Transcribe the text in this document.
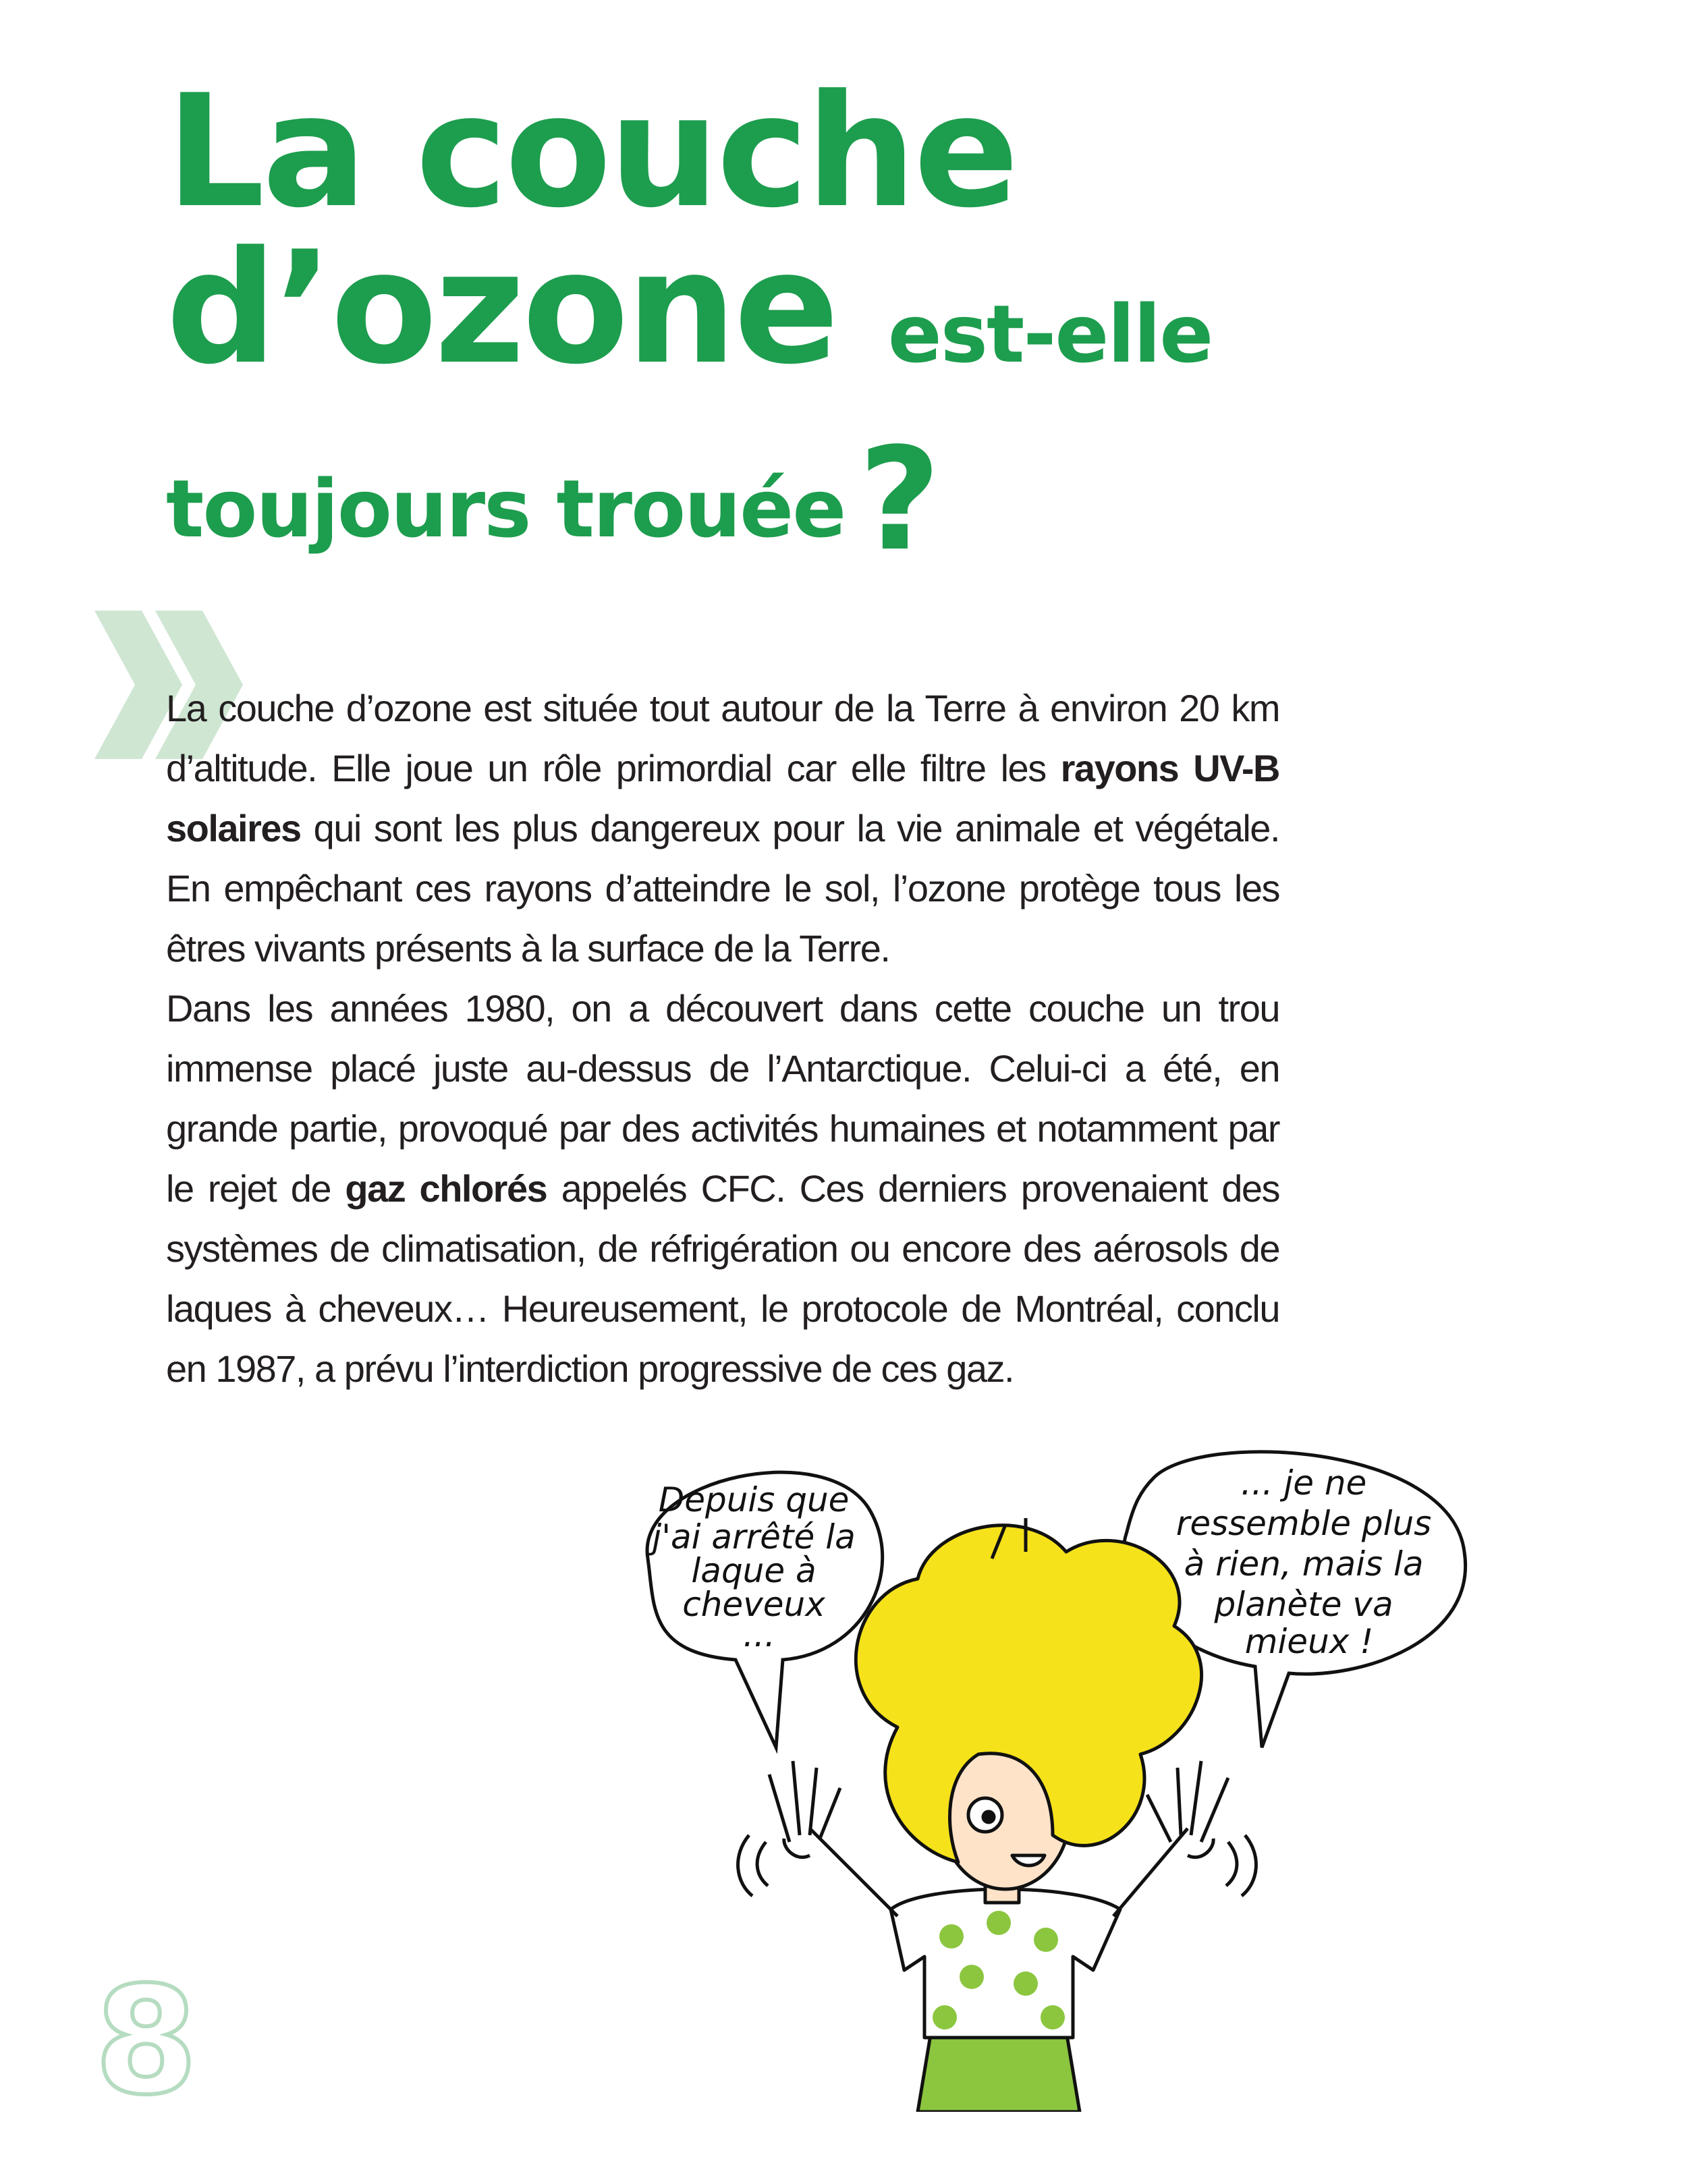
La couche
d’ozone est-elle
toujours trouée?

La couche d’ozone est située tout autour de la Terre à environ 20 km d’altitude. Elle joue un rôle primordial car elle filtre les rayons UV-B solaires qui sont les plus dangereux pour la vie animale et végétale. En empêchant ces rayons d’atteindre le sol, l’ozone protège tous les êtres vivants présents à la surface de la Terre.

Dans les années 1980, on a découvert dans cette couche un trou immense placé juste au-dessus de l’Antarctique. Celui-ci a été, en grande partie, provoqué par des activités humaines et notamment par le rejet de gaz chlorés appelés CFC. Ces derniers provenaient des systèmes de climatisation, de réfrigération ou encore des aérosols de laques à cheveux… Heureusement, le protocole de Montréal, conclu en 1987, a prévu l’interdiction progressive de ces gaz.

Depuis que j'ai arrêté la laque à cheveux ...
... je ne ressemble plus à rien, mais la planète va mieux !
8
